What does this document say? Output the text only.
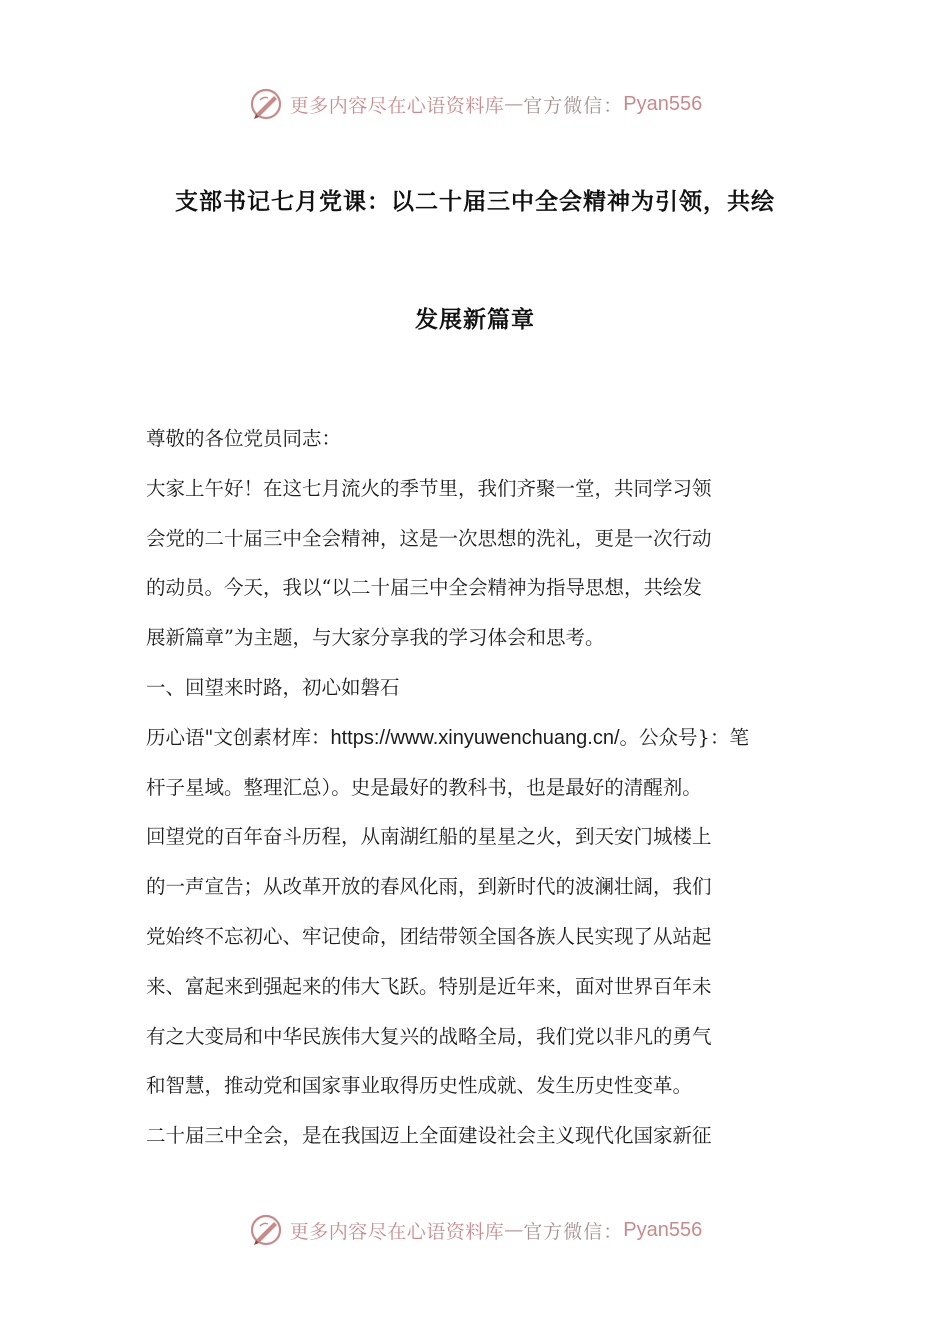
更多内容尽在心语资料库 — 官方微信： Pyan556
支部书记七月党课：以二十届三中全会精神为引领，共绘
发展新篇章
尊敬的各位党员同志：
大家上午好！在这七月流火的季节里，我们齐聚一堂，共同学习领
会党的二十届三中全会精神，这是一次思想的洗礼，更是一次行动
的动员。今天，我以“以二十届三中全会精神为指导思想，共绘发
展新篇章”为主题，与大家分享我的学习体会和思考。
一、回望来时路，初心如磐石
历心语"文创素材库：https://www.xinyuwenchuang.cn/。公众号}：笔
杆子星域。整理汇总）。史是最好的教科书，也是最好的清醒剂。
回望党的百年奋斗历程，从南湖红船的星星之火，到天安门城楼上
的一声宣告；从改革开放的春风化雨，到新时代的波澜壮阔，我们
党始终不忘初心、牢记使命，团结带领全国各族人民实现了从站起
来、富起来到强起来的伟大飞跃。特别是近年来，面对世界百年未
有之大变局和中华民族伟大复兴的战略全局，我们党以非凡的勇气
和智慧，推动党和国家事业取得历史性成就、发生历史性变革。
二十届三中全会，是在我国迈上全面建设社会主义现代化国家新征
更多内容尽在心语资料库 — 官方微信： Pyan556
